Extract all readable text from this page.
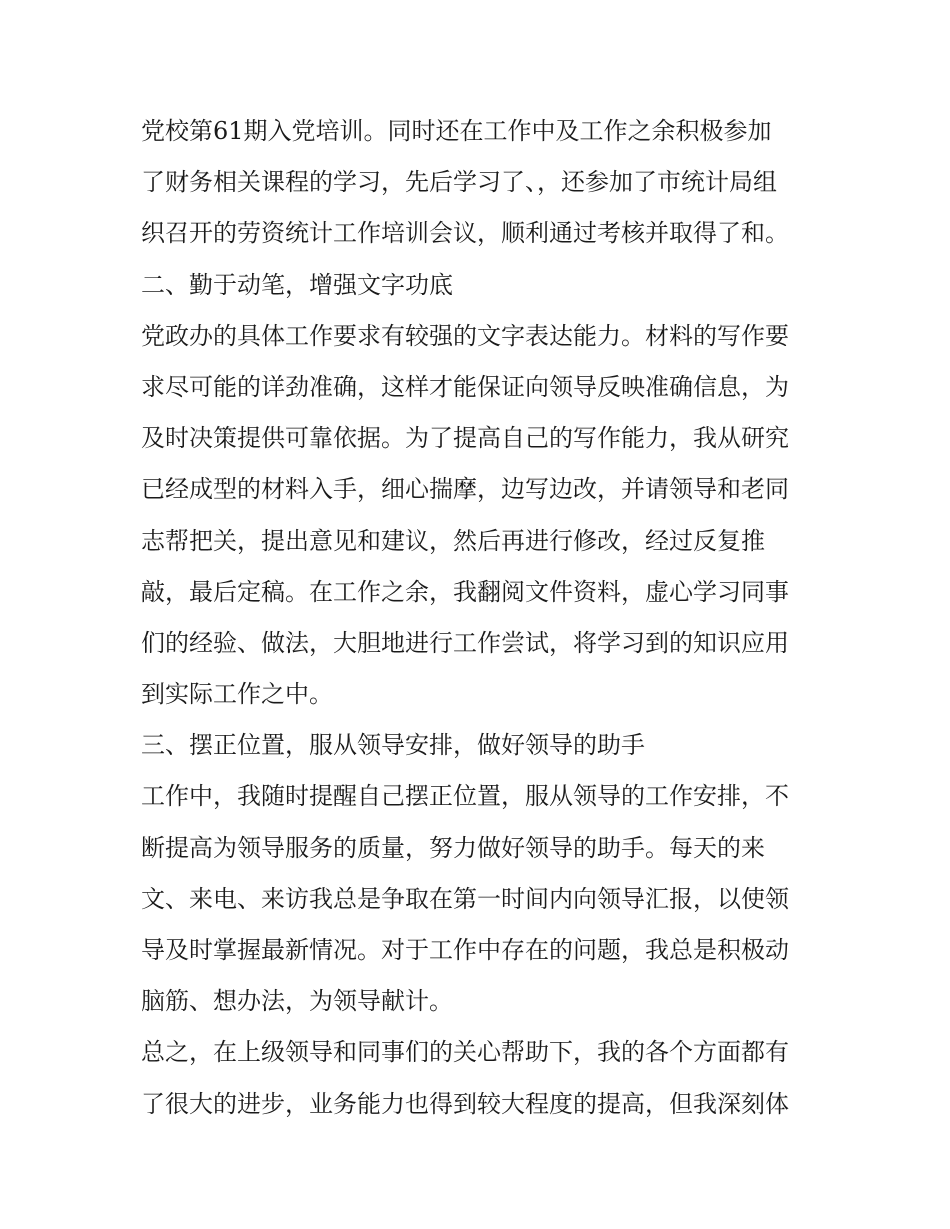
党校第61期入党培训。同时还在工作中及工作之余积极参加
了财务相关课程的学习，先后学习了、，还参加了市统计局组
织召开的劳资统计工作培训会议，顺利通过考核并取得了和。
二、勤于动笔，增强文字功底
党政办的具体工作要求有较强的文字表达能力。材料的写作要
求尽可能的详劲准确，这样才能保证向领导反映准确信息，为
及时决策提供可靠依据。为了提高自己的写作能力，我从研究
已经成型的材料入手，细心揣摩，边写边改，并请领导和老同
志帮把关，提出意见和建议，然后再进行修改，经过反复推
敲，最后定稿。在工作之余，我翻阅文件资料，虚心学习同事
们的经验、做法，大胆地进行工作尝试，将学习到的知识应用
到实际工作之中。
三、摆正位置，服从领导安排，做好领导的助手
工作中，我随时提醒自己摆正位置，服从领导的工作安排，不
断提高为领导服务的质量，努力做好领导的助手。每天的来
文、来电、来访我总是争取在第一时间内向领导汇报，以使领
导及时掌握最新情况。对于工作中存在的问题，我总是积极动
脑筋、想办法，为领导献计。
总之，在上级领导和同事们的关心帮助下，我的各个方面都有
了很大的进步，业务能力也得到较大程度的提高，但我深刻体
